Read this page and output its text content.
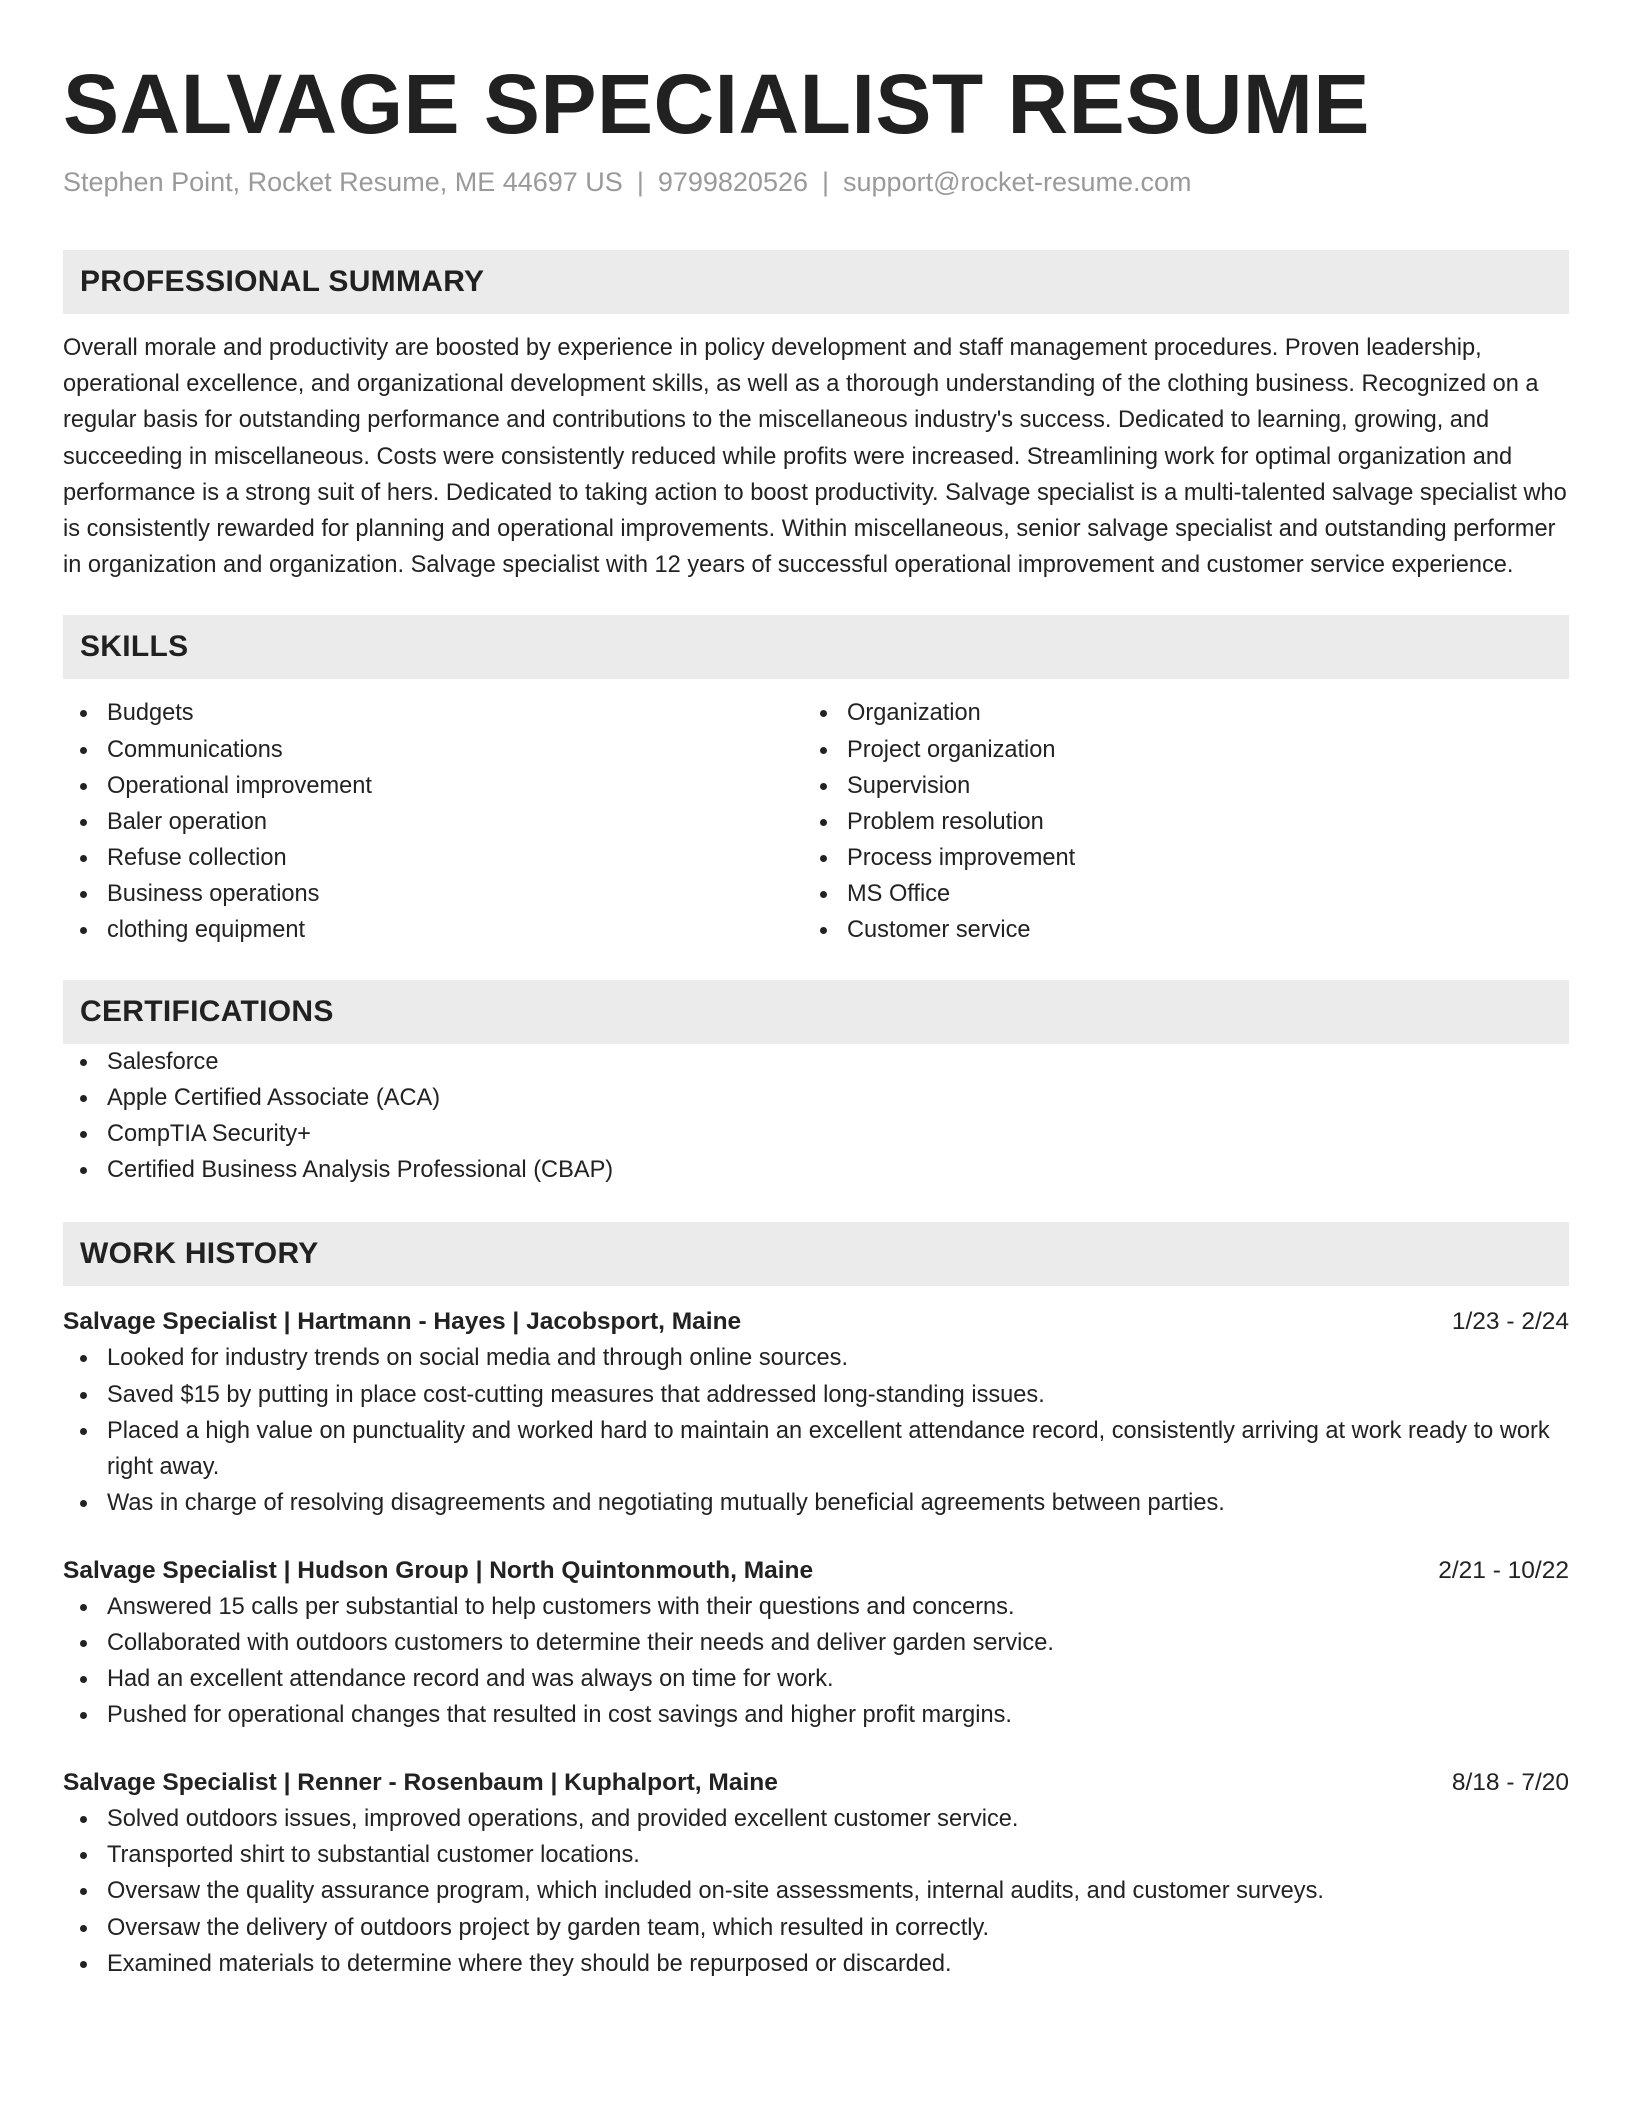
SALVAGE SPECIALIST RESUME
Stephen Point, Rocket Resume, ME 44697 US | 9799820526 | support@rocket-resume.com
PROFESSIONAL SUMMARY
Overall morale and productivity are boosted by experience in policy development and staff management procedures. Proven leadership, operational excellence, and organizational development skills, as well as a thorough understanding of the clothing business. Recognized on a regular basis for outstanding performance and contributions to the miscellaneous industry's success. Dedicated to learning, growing, and succeeding in miscellaneous. Costs were consistently reduced while profits were increased. Streamlining work for optimal organization and performance is a strong suit of hers. Dedicated to taking action to boost productivity. Salvage specialist is a multi-talented salvage specialist who is consistently rewarded for planning and operational improvements. Within miscellaneous, senior salvage specialist and outstanding performer in organization and organization. Salvage specialist with 12 years of successful operational improvement and customer service experience.
SKILLS
Budgets
Communications
Operational improvement
Baler operation
Refuse collection
Business operations
clothing equipment
Organization
Project organization
Supervision
Problem resolution
Process improvement
MS Office
Customer service
CERTIFICATIONS
Salesforce
Apple Certified Associate (ACA)
CompTIA Security+
Certified Business Analysis Professional (CBAP)
WORK HISTORY
Salvage Specialist | Hartmann - Hayes | Jacobsport, Maine	1/23 - 2/24
Looked for industry trends on social media and through online sources.
Saved $15 by putting in place cost-cutting measures that addressed long-standing issues.
Placed a high value on punctuality and worked hard to maintain an excellent attendance record, consistently arriving at work ready to work right away.
Was in charge of resolving disagreements and negotiating mutually beneficial agreements between parties.
Salvage Specialist | Hudson Group | North Quintonmouth, Maine	2/21 - 10/22
Answered 15 calls per substantial to help customers with their questions and concerns.
Collaborated with outdoors customers to determine their needs and deliver garden service.
Had an excellent attendance record and was always on time for work.
Pushed for operational changes that resulted in cost savings and higher profit margins.
Salvage Specialist | Renner - Rosenbaum | Kuphalport, Maine	8/18 - 7/20
Solved outdoors issues, improved operations, and provided excellent customer service.
Transported shirt to substantial customer locations.
Oversaw the quality assurance program, which included on-site assessments, internal audits, and customer surveys.
Oversaw the delivery of outdoors project by garden team, which resulted in correctly.
Examined materials to determine where they should be repurposed or discarded.
